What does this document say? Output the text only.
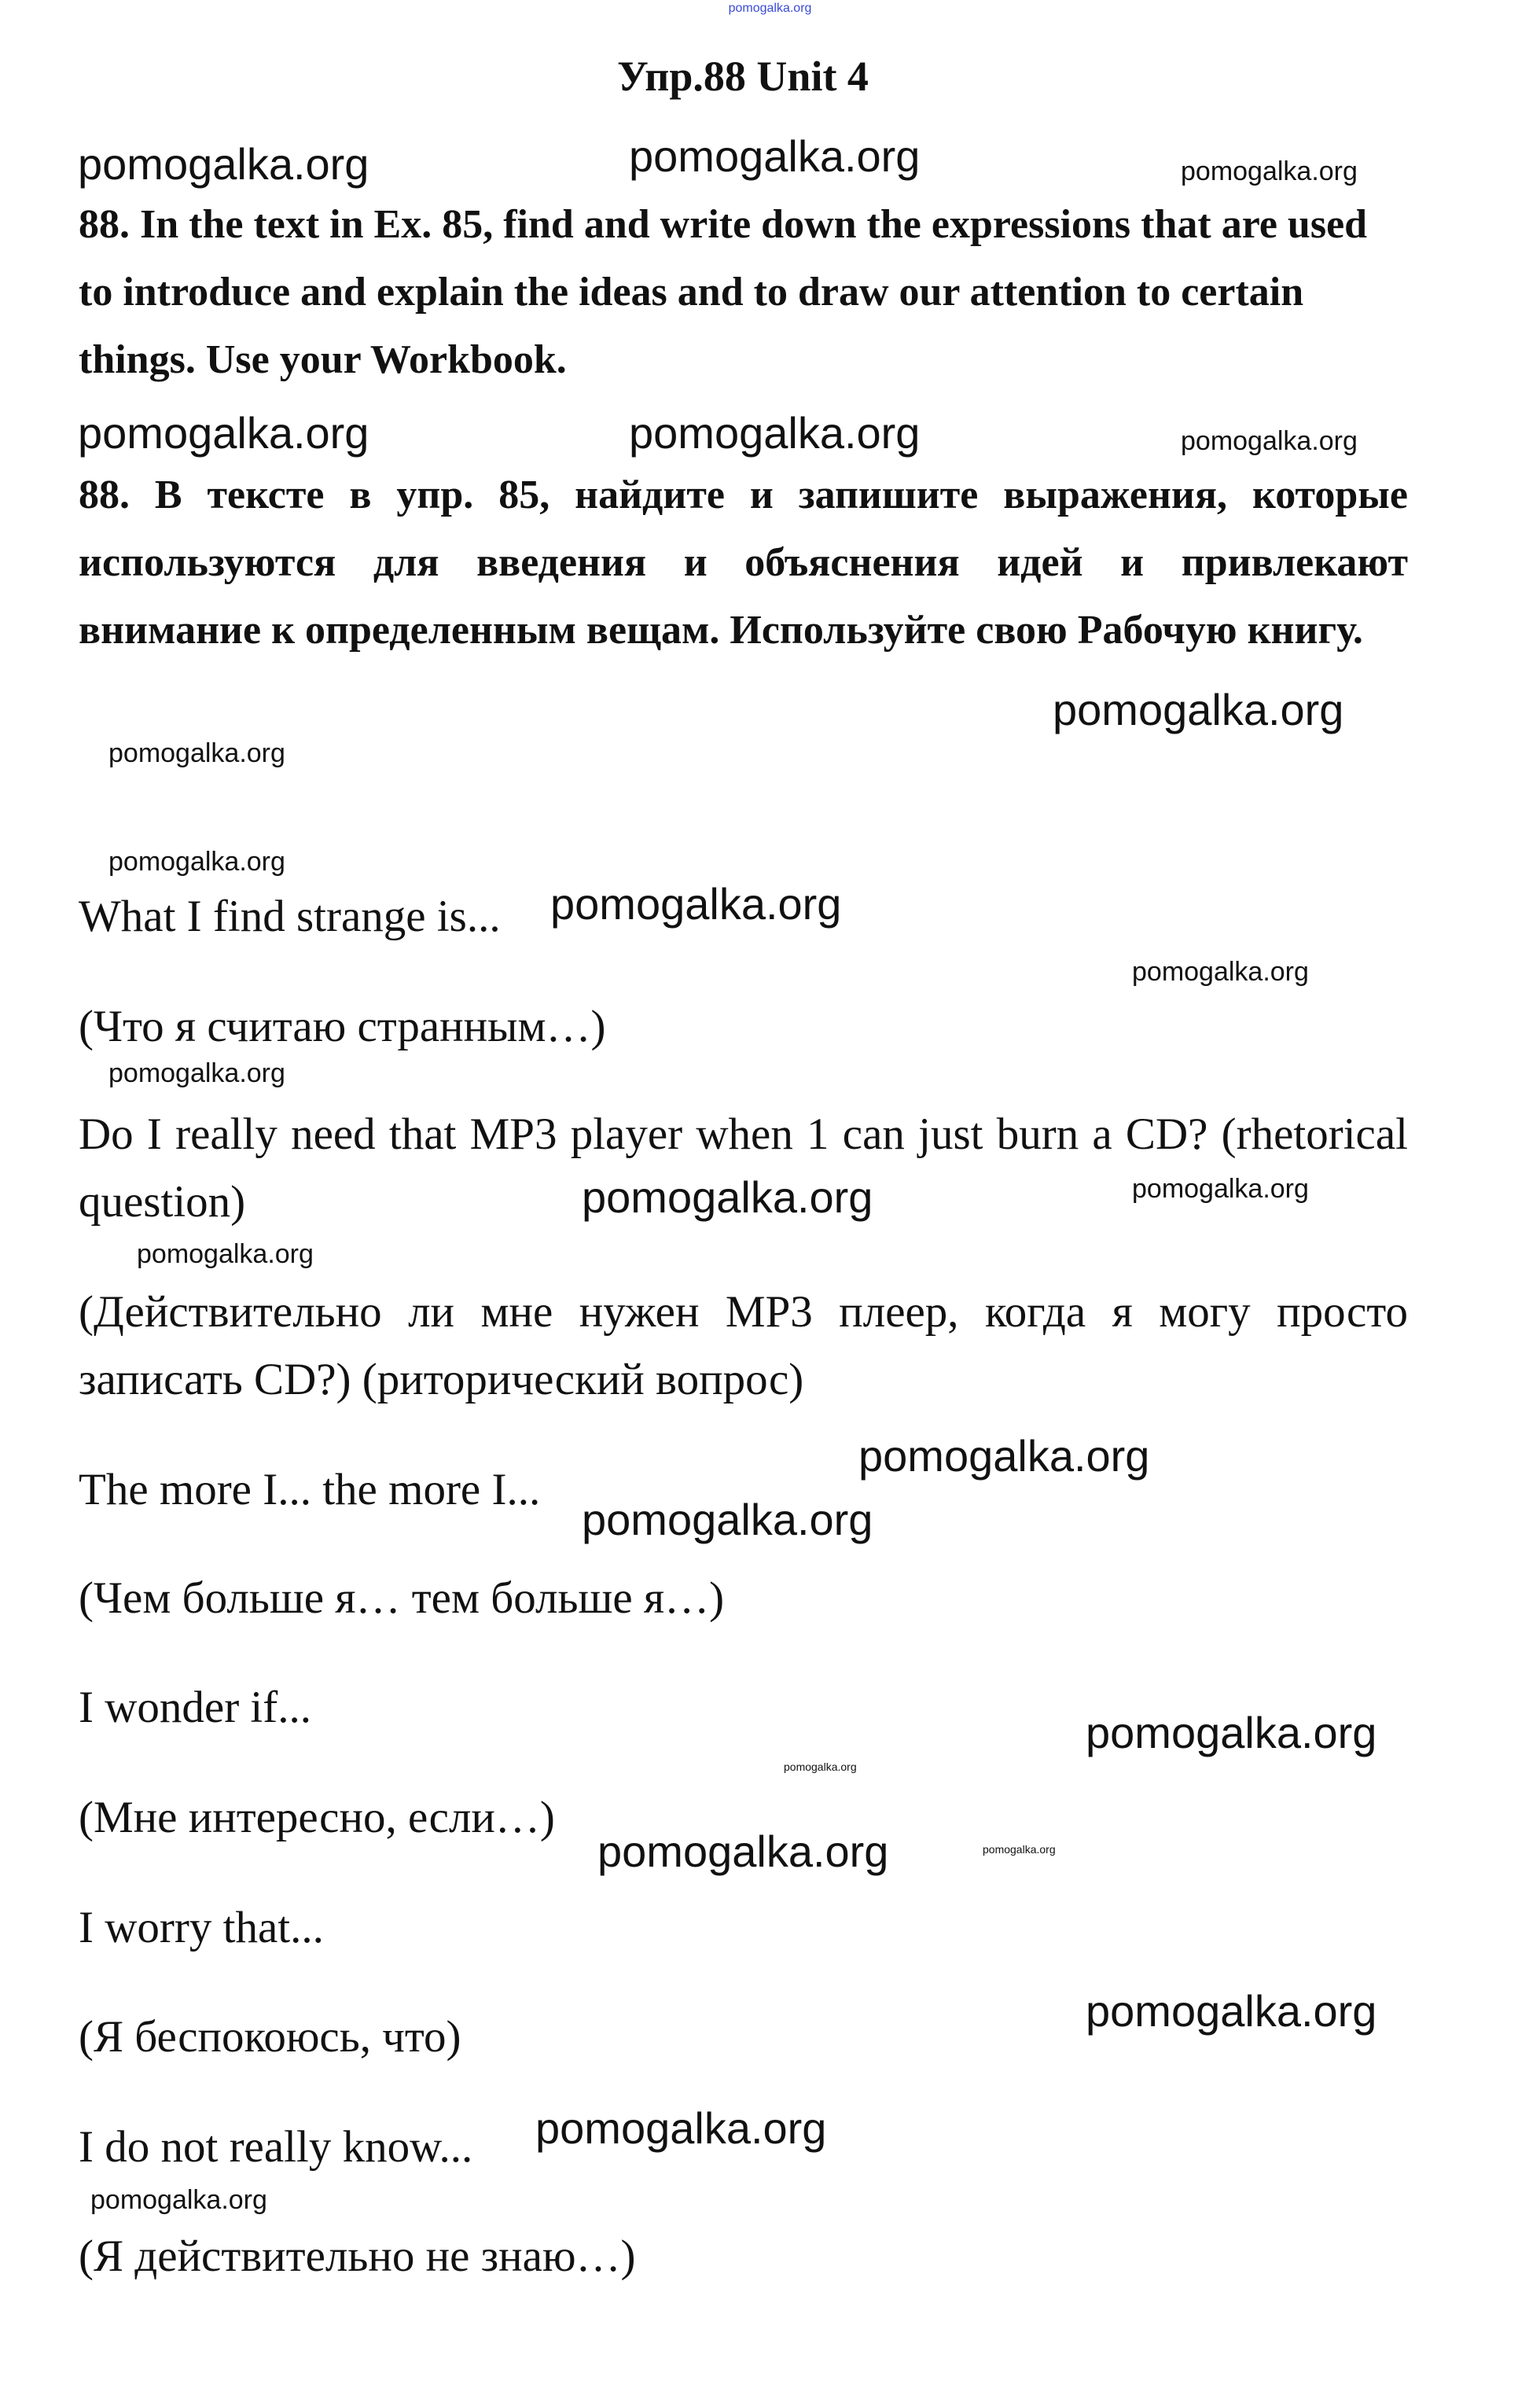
pomogalka.org
Упр.88 Unit 4
88. In the text in Ex. 85, find and write down the expressions that are used to introduce and explain the ideas and to draw our attention to certain things. Use your Workbook.
88. В тексте в упр. 85, найдите и запишите выражения, которые используются для введения и объяснения идей и привлекают внимание к определенным вещам. Используйте свою Рабочую книгу.
What I find strange is...
(Что я считаю странным…)
Do I really need that MP3 player when 1 can just burn a CD? (rhetorical question)
(Действительно ли мне нужен MP3 плеер, когда я могу просто записать CD?) (риторический вопрос)
The more I... the more I...
(Чем больше я… тем больше я…)
I wonder if...
(Мне интересно, если…)
I worry that...
(Я беспокоюсь, что)
I do not really know...
(Я действительно не знаю…)
pomogalka.org	pomogalka.org
pomogalka.org	pomogalka.org
pomogalka.org
pomogalka.org
pomogalka.org
pomogalka.org
pomogalka.org
pomogalka.org
pomogalka.org
pomogalka.org
pomogalka.org
pomogalka.org
pomogalka.org
pomogalka.org
pomogalka.org
pomogalka.org
pomogalka.org
pomogalka.org
pomogalka.org
pomogalka.org
pomogalka.org
pomogalka.org
